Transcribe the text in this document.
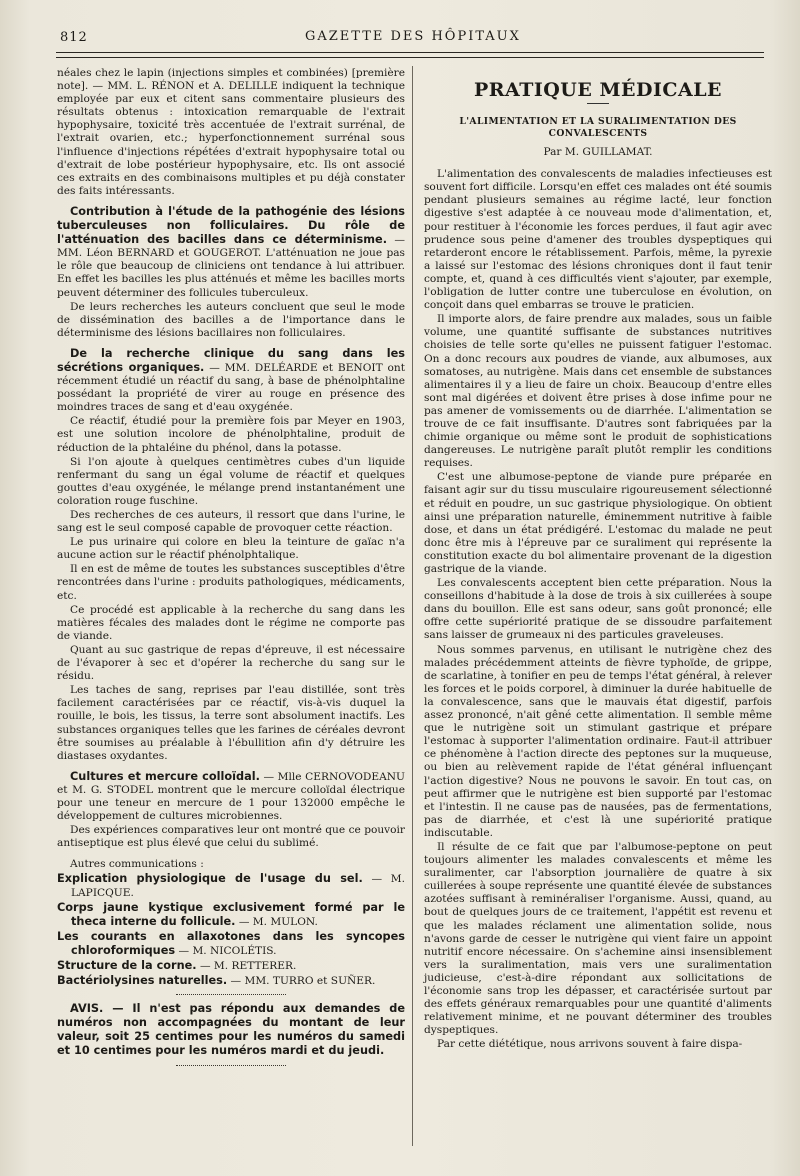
812	GAZETTE DES HÔPITAUX

néales chez le lapin (injections simples et combinées) [première note]. — MM. L. RÉNON et A. DELILLE indiquent la technique employée par eux et citent sans commentaire plusieurs des résultats obtenus : intoxication remarquable de l'extrait hypophysaire, toxicité très accentuée de l'extrait surrénal, de l'extrait ovarien, etc.; hyperfonctionnement surrénal sous l'influence d'injections répétées d'extrait hypophysaire total ou d'extrait de lobe postérieur hypophysaire, etc. Ils ont associé ces extraits en des combinaisons multiples et pu déjà constater des faits intéressants.

Contribution à l'étude de la pathogénie des lésions tuberculeuses non folliculaires. Du rôle de l'atténuation des bacilles dans ce déterminisme. — MM. Léon BERNARD et GOUGEROT. L'atténuation ne joue pas le rôle que beaucoup de cliniciens ont tendance à lui attribuer. En effet les bacilles les plus atténués et même les bacilles morts peuvent déterminer des follicules tuberculeux.

De leurs recherches les auteurs concluent que seul le mode de dissémination des bacilles a de l'importance dans le déterminisme des lésions bacillaires non folliculaires.

De la recherche clinique du sang dans les sécrétions organiques. — MM. DELÉARDE et BENOIT ont récemment étudié un réactif du sang, à base de phénolphtaline possédant la propriété de virer au rouge en présence des moindres traces de sang et d'eau oxygénée.

Ce réactif, étudié pour la première fois par Meyer en 1903, est une solution incolore de phénolphtaline, produit de réduction de la phtaléine du phénol, dans la potasse.

Si l'on ajoute à quelques centimètres cubes d'un liquide renfermant du sang un égal volume de réactif et quelques gouttes d'eau oxygénée, le mélange prend instantanément une coloration rouge fuschine.

Des recherches de ces auteurs, il ressort que dans l'urine, le sang est le seul composé capable de provoquer cette réaction.

Le pus urinaire qui colore en bleu la teinture de gaïac n'a aucune action sur le réactif phénolphtalique.

Il en est de même de toutes les substances susceptibles d'être rencontrées dans l'urine : produits pathologiques, médicaments, etc.

Ce procédé est applicable à la recherche du sang dans les matières fécales des malades dont le régime ne comporte pas de viande.

Quant au suc gastrique de repas d'épreuve, il est nécessaire de l'évaporer à sec et d'opérer la recherche du sang sur le résidu.

Les taches de sang, reprises par l'eau distillée, sont très facilement caractérisées par ce réactif, vis-à-vis duquel la rouille, le bois, les tissus, la terre sont absolument inactifs. Les substances organiques telles que les farines de céréales devront être soumises au préalable à l'ébullition afin d'y détruire les diastases oxydantes.

Cultures et mercure colloïdal. — Mlle CERNOVODEANU et M. G. STODEL montrent que le mercure colloïdal électrique pour une teneur en mercure de 1 pour 132000 empêche le développement de cultures microbiennes.

Des expériences comparatives leur ont montré que ce pouvoir antiseptique est plus élevé que celui du sublimé.

Autres communications :

Explication physiologique de l'usage du sel. — M. LAPICQUE.

Corps jaune kystique exclusivement formé par le theca interne du follicule. — M. MULON.

Les courants en allaxotones dans les syncopes chloroformiques — M. NICOLÉTIS.

Structure de la corne. — M. RETTERER.

Bactériolysines naturelles. — MM. TURRO et SUÑER.

AVIS. — Il n'est pas répondu aux demandes de numéros non accompagnées du montant de leur valeur, soit 25 centimes pour les numéros du samedi et 10 centimes pour les numéros mardi et du jeudi.

PRATIQUE MÉDICALE
L'ALIMENTATION ET LA SURALIMENTATION DES CONVALESCENTS
Par M. GUILLAMAT.

L'alimentation des convalescents de maladies infectieuses est souvent fort difficile. Lorsqu'en effet ces malades ont été soumis pendant plusieurs semaines au régime lacté, leur fonction digestive s'est adaptée à ce nouveau mode d'alimentation, et, pour restituer à l'économie les forces perdues, il faut agir avec prudence sous peine d'amener des troubles dyspeptiques qui retarderont encore le rétablissement. Parfois, même, la pyrexie a laissé sur l'estomac des lésions chroniques dont il faut tenir compte, et, quand à ces difficultés vient s'ajouter, par exemple, l'obligation de lutter contre une tuberculose en évolution, on conçoit dans quel embarras se trouve le praticien.

Il importe alors, de faire prendre aux malades, sous un faible volume, une quantité suffisante de substances nutritives choisies de telle sorte qu'elles ne puissent fatiguer l'estomac. On a donc recours aux poudres de viande, aux albumoses, aux somatoses, au nutrigène. Mais dans cet ensemble de substances alimentaires il y a lieu de faire un choix. Beaucoup d'entre elles sont mal digérées et doivent être prises à dose infime pour ne pas amener de vomissements ou de diarrhée. L'alimentation se trouve de ce fait insuffisante. D'autres sont fabriquées par la chimie organique ou même sont le produit de sophistications dangereuses. Le nutrigène paraît plutôt remplir les conditions requises.

C'est une albumose-peptone de viande pure préparée en faisant agir sur du tissu musculaire rigoureusement sélectionné et réduit en poudre, un suc gastrique physiologique. On obtient ainsi une préparation naturelle, éminemment nutritive à faible dose, et dans un état prédigéré. L'estomac du malade ne peut donc être mis à l'épreuve par ce suraliment qui représente la constitution exacte du bol alimentaire provenant de la digestion gastrique de la viande.

Les convalescents acceptent bien cette préparation. Nous la conseillons d'habitude à la dose de trois à six cuillerées à soupe dans du bouillon. Elle est sans odeur, sans goût prononcé; elle offre cette supériorité pratique de se dissoudre parfaitement sans laisser de grumeaux ni des particules graveleuses.

Nous sommes parvenus, en utilisant le nutrigène chez des malades précédemment atteints de fièvre typhoïde, de grippe, de scarlatine, à tonifier en peu de temps l'état général, à relever les forces et le poids corporel, à diminuer la durée habituelle de la convalescence, sans que le mauvais état digestif, parfois assez prononcé, n'ait gêné cette alimentation. Il semble même que le nutrigène soit un stimulant gastrique et prépare l'estomac à supporter l'alimentation ordinaire. Faut-il attribuer ce phénomène à l'action directe des peptones sur la muqueuse, ou bien au relèvement rapide de l'état général influençant l'action digestive? Nous ne pouvons le savoir. En tout cas, on peut affirmer que le nutrigène est bien supporté par l'estomac et l'intestin. Il ne cause pas de nausées, pas de fermentations, pas de diarrhée, et c'est là une supériorité pratique indiscutable.

Il résulte de ce fait que par l'albumose-peptone on peut toujours alimenter les malades convalescents et même les suralimenter, car l'absorption journalière de quatre à six cuillerées à soupe représente une quantité élevée de substances azotées suffisant à reminéraliser l'organisme. Aussi, quand, au bout de quelques jours de ce traitement, l'appétit est revenu et que les malades réclament une alimentation solide, nous n'avons garde de cesser le nutrigène qui vient faire un appoint nutritif encore nécessaire. On s'achemine ainsi insensiblement vers la suralimentation, mais vers une suralimentation judicieuse, c'est-à-dire répondant aux sollicitations de l'économie sans trop les dépasser, et caractérisée surtout par des effets généraux remarquables pour une quantité d'aliments relativement minime, et ne pouvant déterminer des troubles dyspeptiques.

Par cette diététique, nous arrivons souvent à faire dispa-
